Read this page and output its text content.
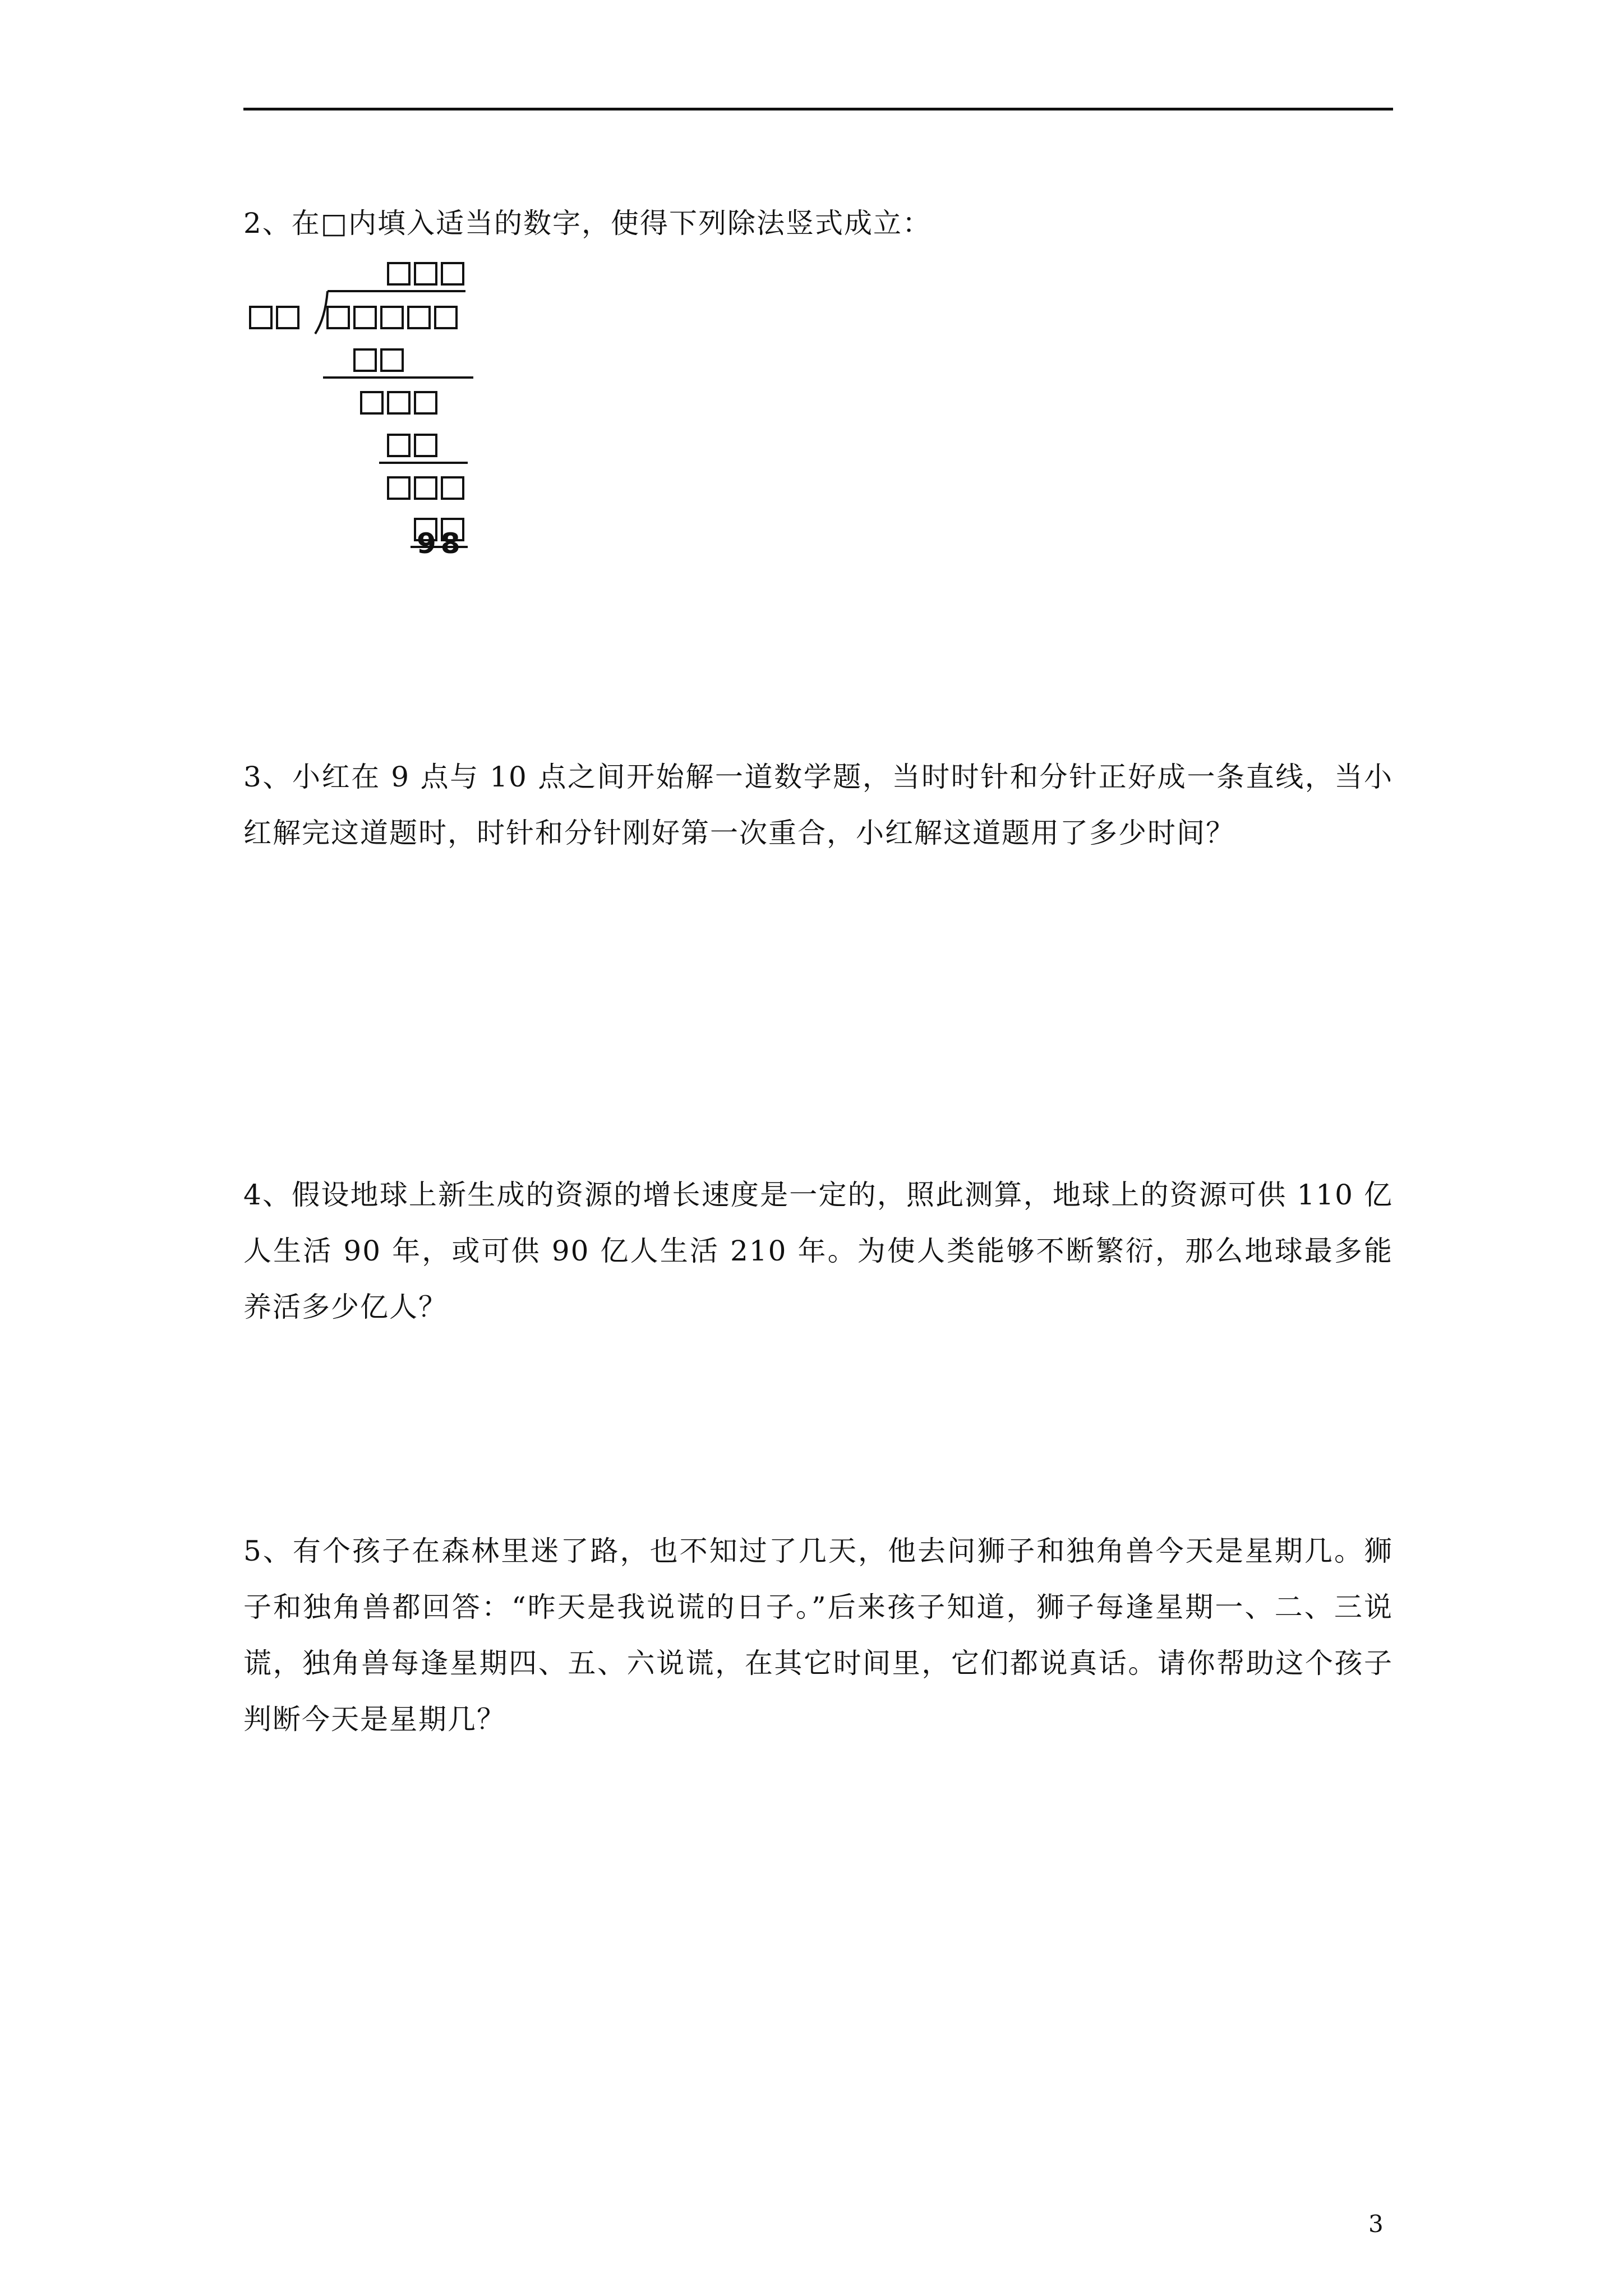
2、在□内填入适当的数字，使得下列除法竖式成立：
98
3、小红在 9 点与 10 点之间开始解一道数学题，当时时针和分针正好成一条直线，当小红解完这道题时，时针和分针刚好第一次重合，小红解这道题用了多少时间？
4、假设地球上新生成的资源的增长速度是一定的，照此测算，地球上的资源可供 110 亿人生活 90 年，或可供 90 亿人生活 210 年。为使人类能够不断繁衍，那么地球最多能养活多少亿人？
5、有个孩子在森林里迷了路，也不知过了几天，他去问狮子和独角兽今天是星期几。狮子和独角兽都回答：“昨天是我说谎的日子。”后来孩子知道，狮子每逢星期一、二、三说谎，独角兽每逢星期四、五、六说谎，在其它时间里，它们都说真话。请你帮助这个孩子判断今天是星期几？
3
